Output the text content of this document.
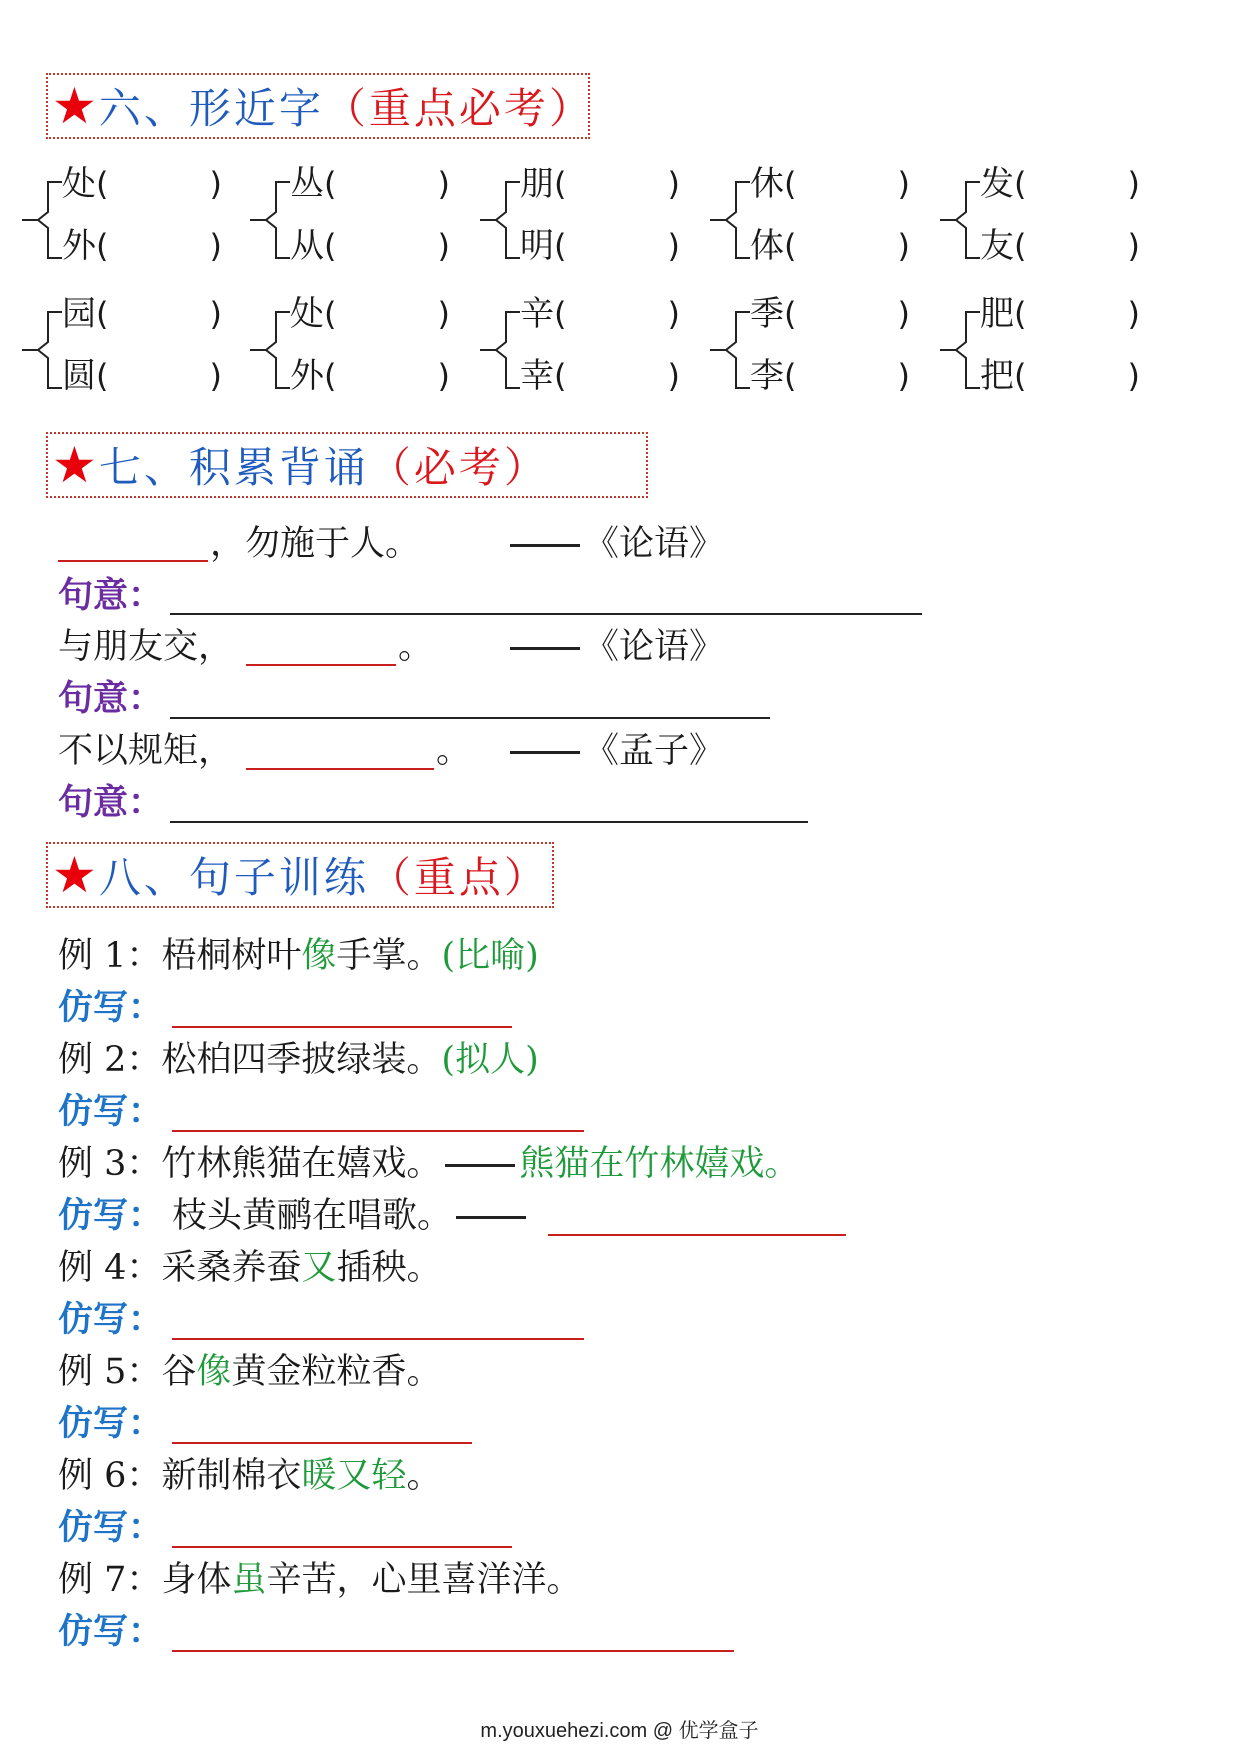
★ 六、形近字 （重点必考）
处(	)
外(	)
丛(	)
从(	)
朋(	)
明(	)
休(	)
体(	)
发(	)
友(	)
园(	)
圆(	)
处(	)
外(	)
辛(	)
幸(	)
季(	)
李(	)
肥(	)
把(	)
★ 七、积累背诵 （必考）
，勿施于人。	《论语》
句意：
与朋友交，	。	《论语》
句意：
不以规矩，	。	《孟子》
句意：
★ 八、句子训练 （重点）
例 1：梧桐树叶像手掌。(比喻)
仿写：
例 2：松柏四季披绿装。(拟人)
仿写：
例 3：竹林熊猫在嬉戏。 熊猫在竹林嬉戏。
仿写： 枝头黄鹂在唱歌。
例 4：采桑养蚕又插秧。
仿写：
例 5：谷像黄金粒粒香。
仿写：
例 6：新制棉衣暖又轻。
仿写：
例 7：身体虽辛苦，心里喜洋洋。
仿写：
m.youxuehezi.com @ 优学盒子
